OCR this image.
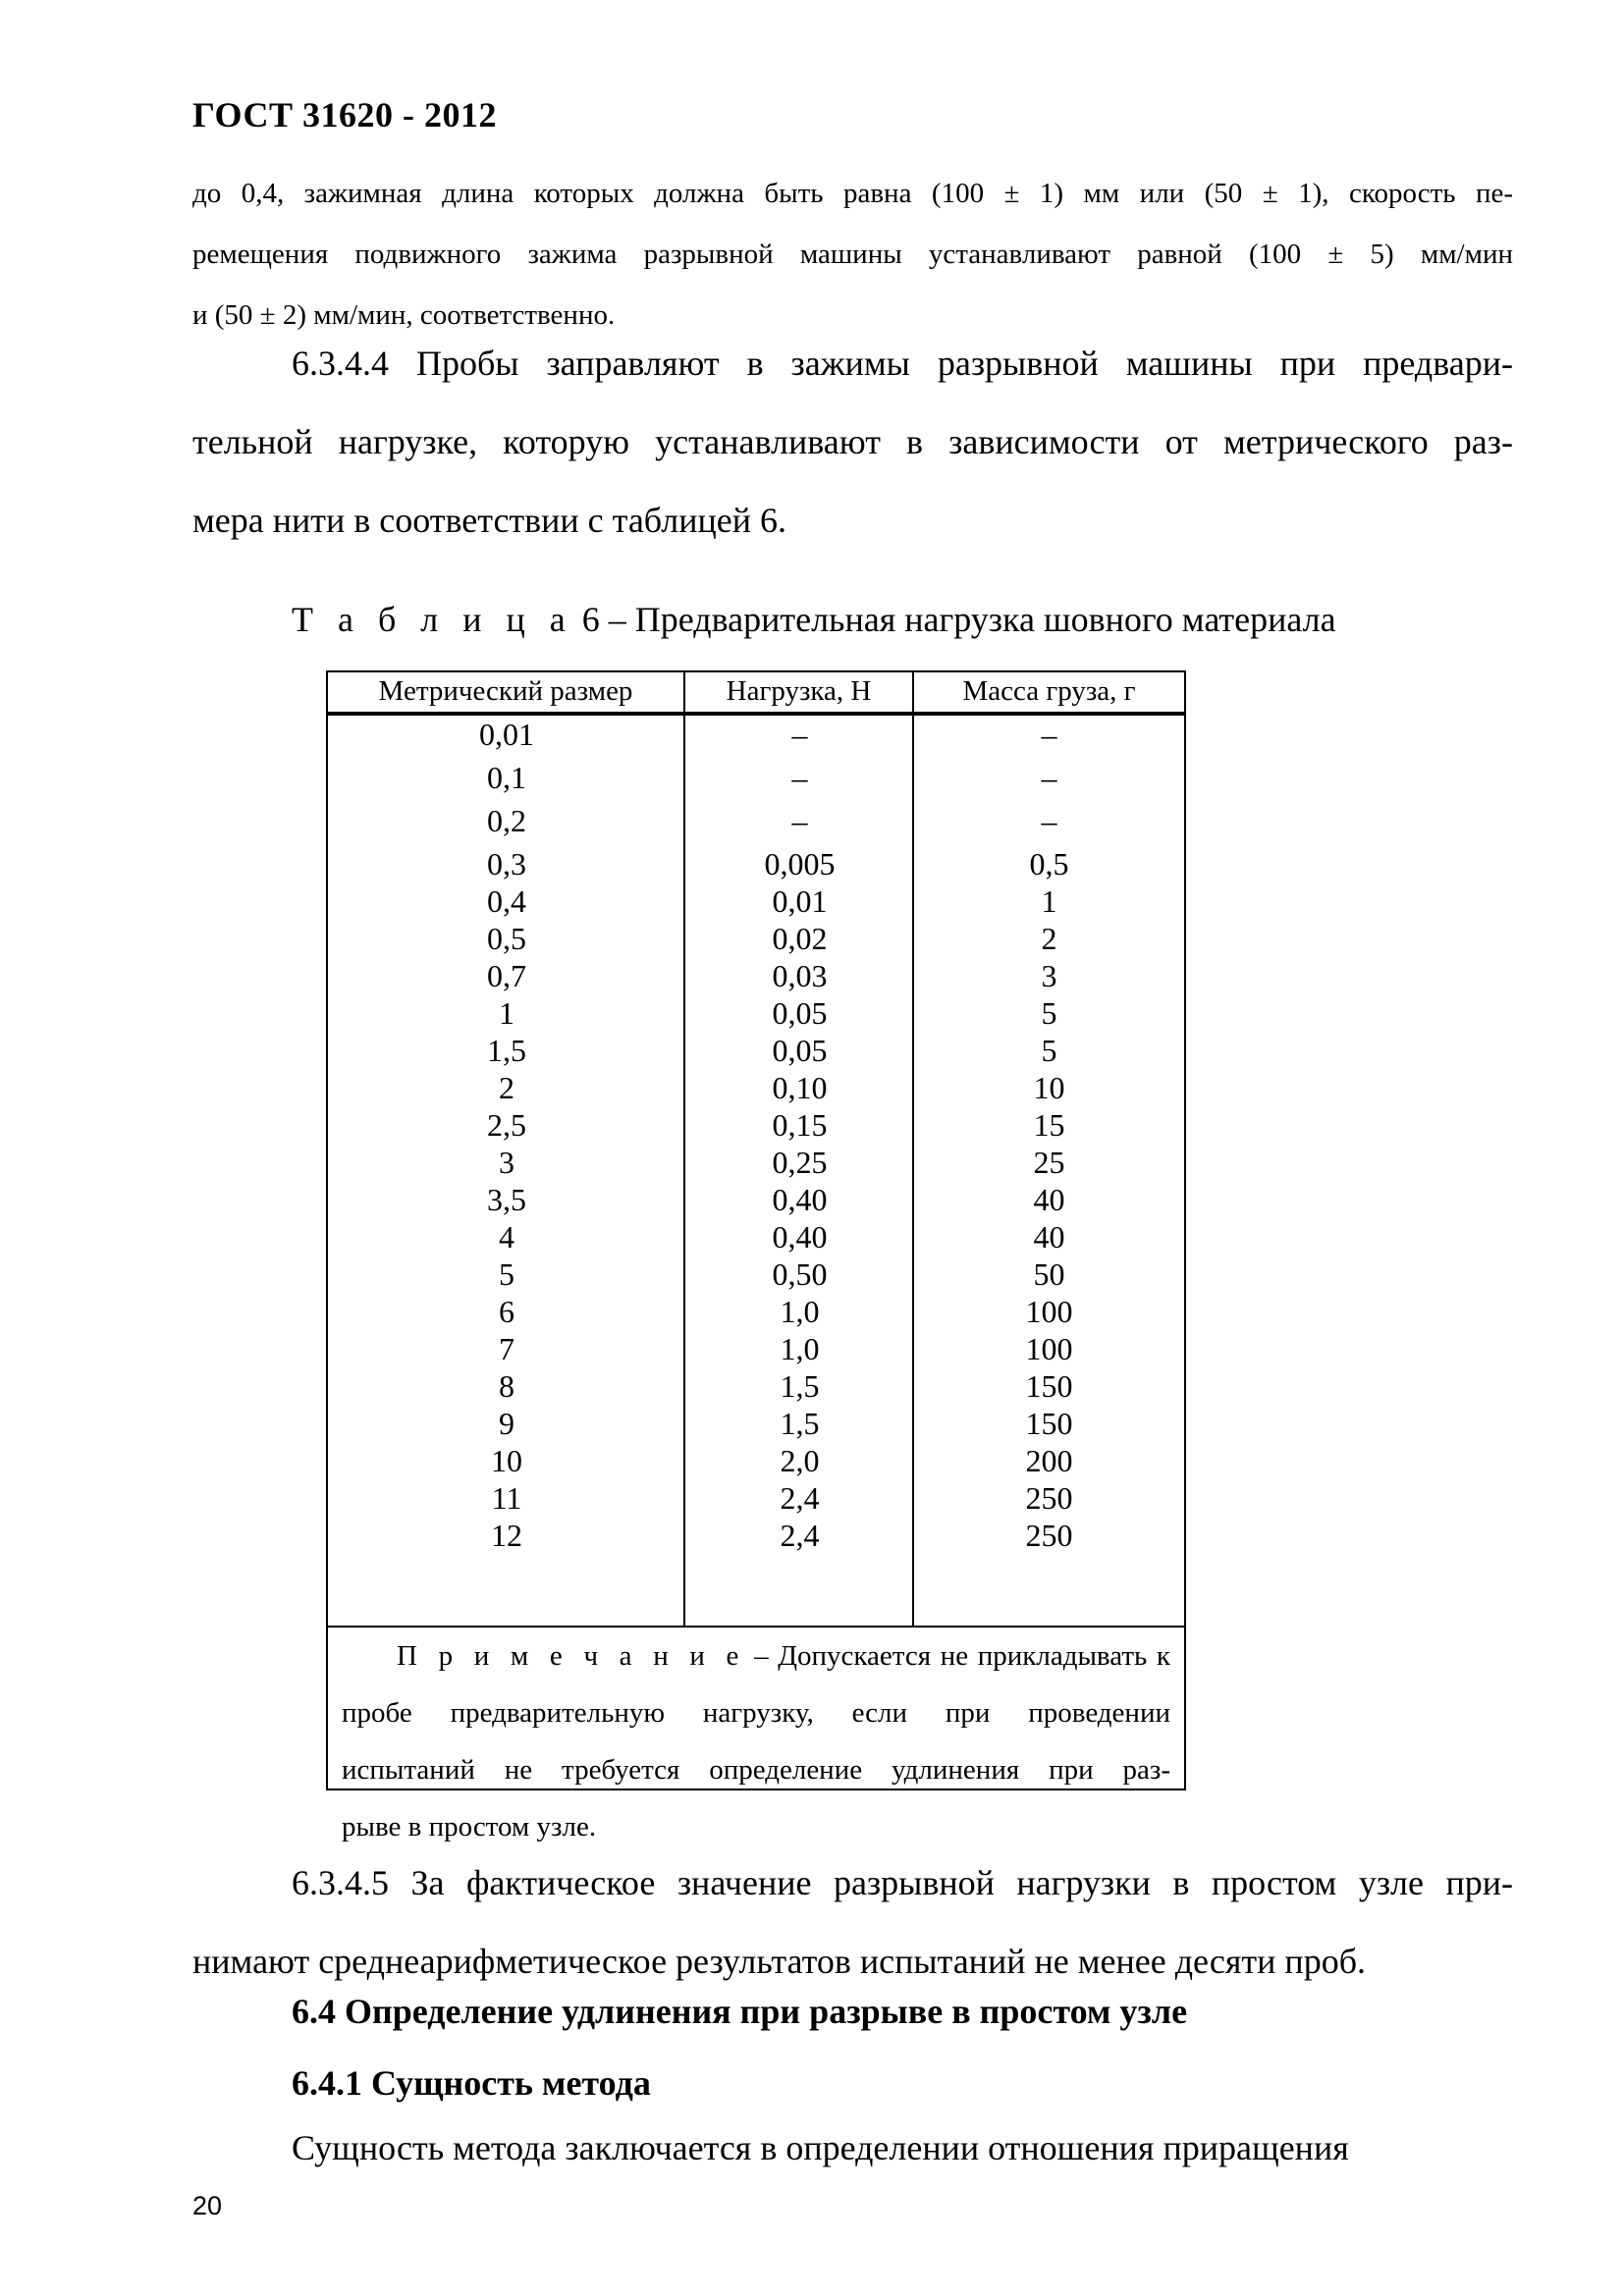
ГОСТ 31620 - 2012
до 0,4, зажимная длина которых должна быть равна (100 ± 1) мм или (50 ± 1), скорость пе-
ремещения подвижного зажима разрывной машины устанавливают равной (100 ± 5) мм/мин
и (50 ± 2) мм/мин, соответственно.
6.3.4.4 Пробы заправляют в зажимы разрывной машины при предвари-
тельной нагрузке, которую устанавливают в зависимости от метрического раз-
мера нити в соответствии с таблицей 6.
Т а б л и ц а 6 – Предварительная нагрузка шовного материала
Метрический размер	Нагрузка, Н	Масса груза, г
0,01	–	–
0,1	–	–
0,2	–	–
0,3	0,005	0,5
0,4	0,01	1
0,5	0,02	2
0,7	0,03	3
1	0,05	5
1,5	0,05	5
2	0,10	10
2,5	0,15	15
3	0,25	25
3,5	0,40	40
4	0,40	40
5	0,50	50
6	1,0	100
7	1,0	100
8	1,5	150
9	1,5	150
10	2,0	200
11	2,4	250
12	2,4	250
П р и м е ч а н и е – Допускается не прикладывать к
пробе предварительную нагрузку, если при проведении
испытаний не требуется определение удлинения при раз-
рыве в простом узле.
6.3.4.5 За фактическое значение разрывной нагрузки в простом узле при-
нимают среднеарифметическое результатов испытаний не менее десяти проб.
6.4 Определение удлинения при разрыве в простом узле
6.4.1 Сущность метода
Сущность метода заключается в определении отношения приращения
20
